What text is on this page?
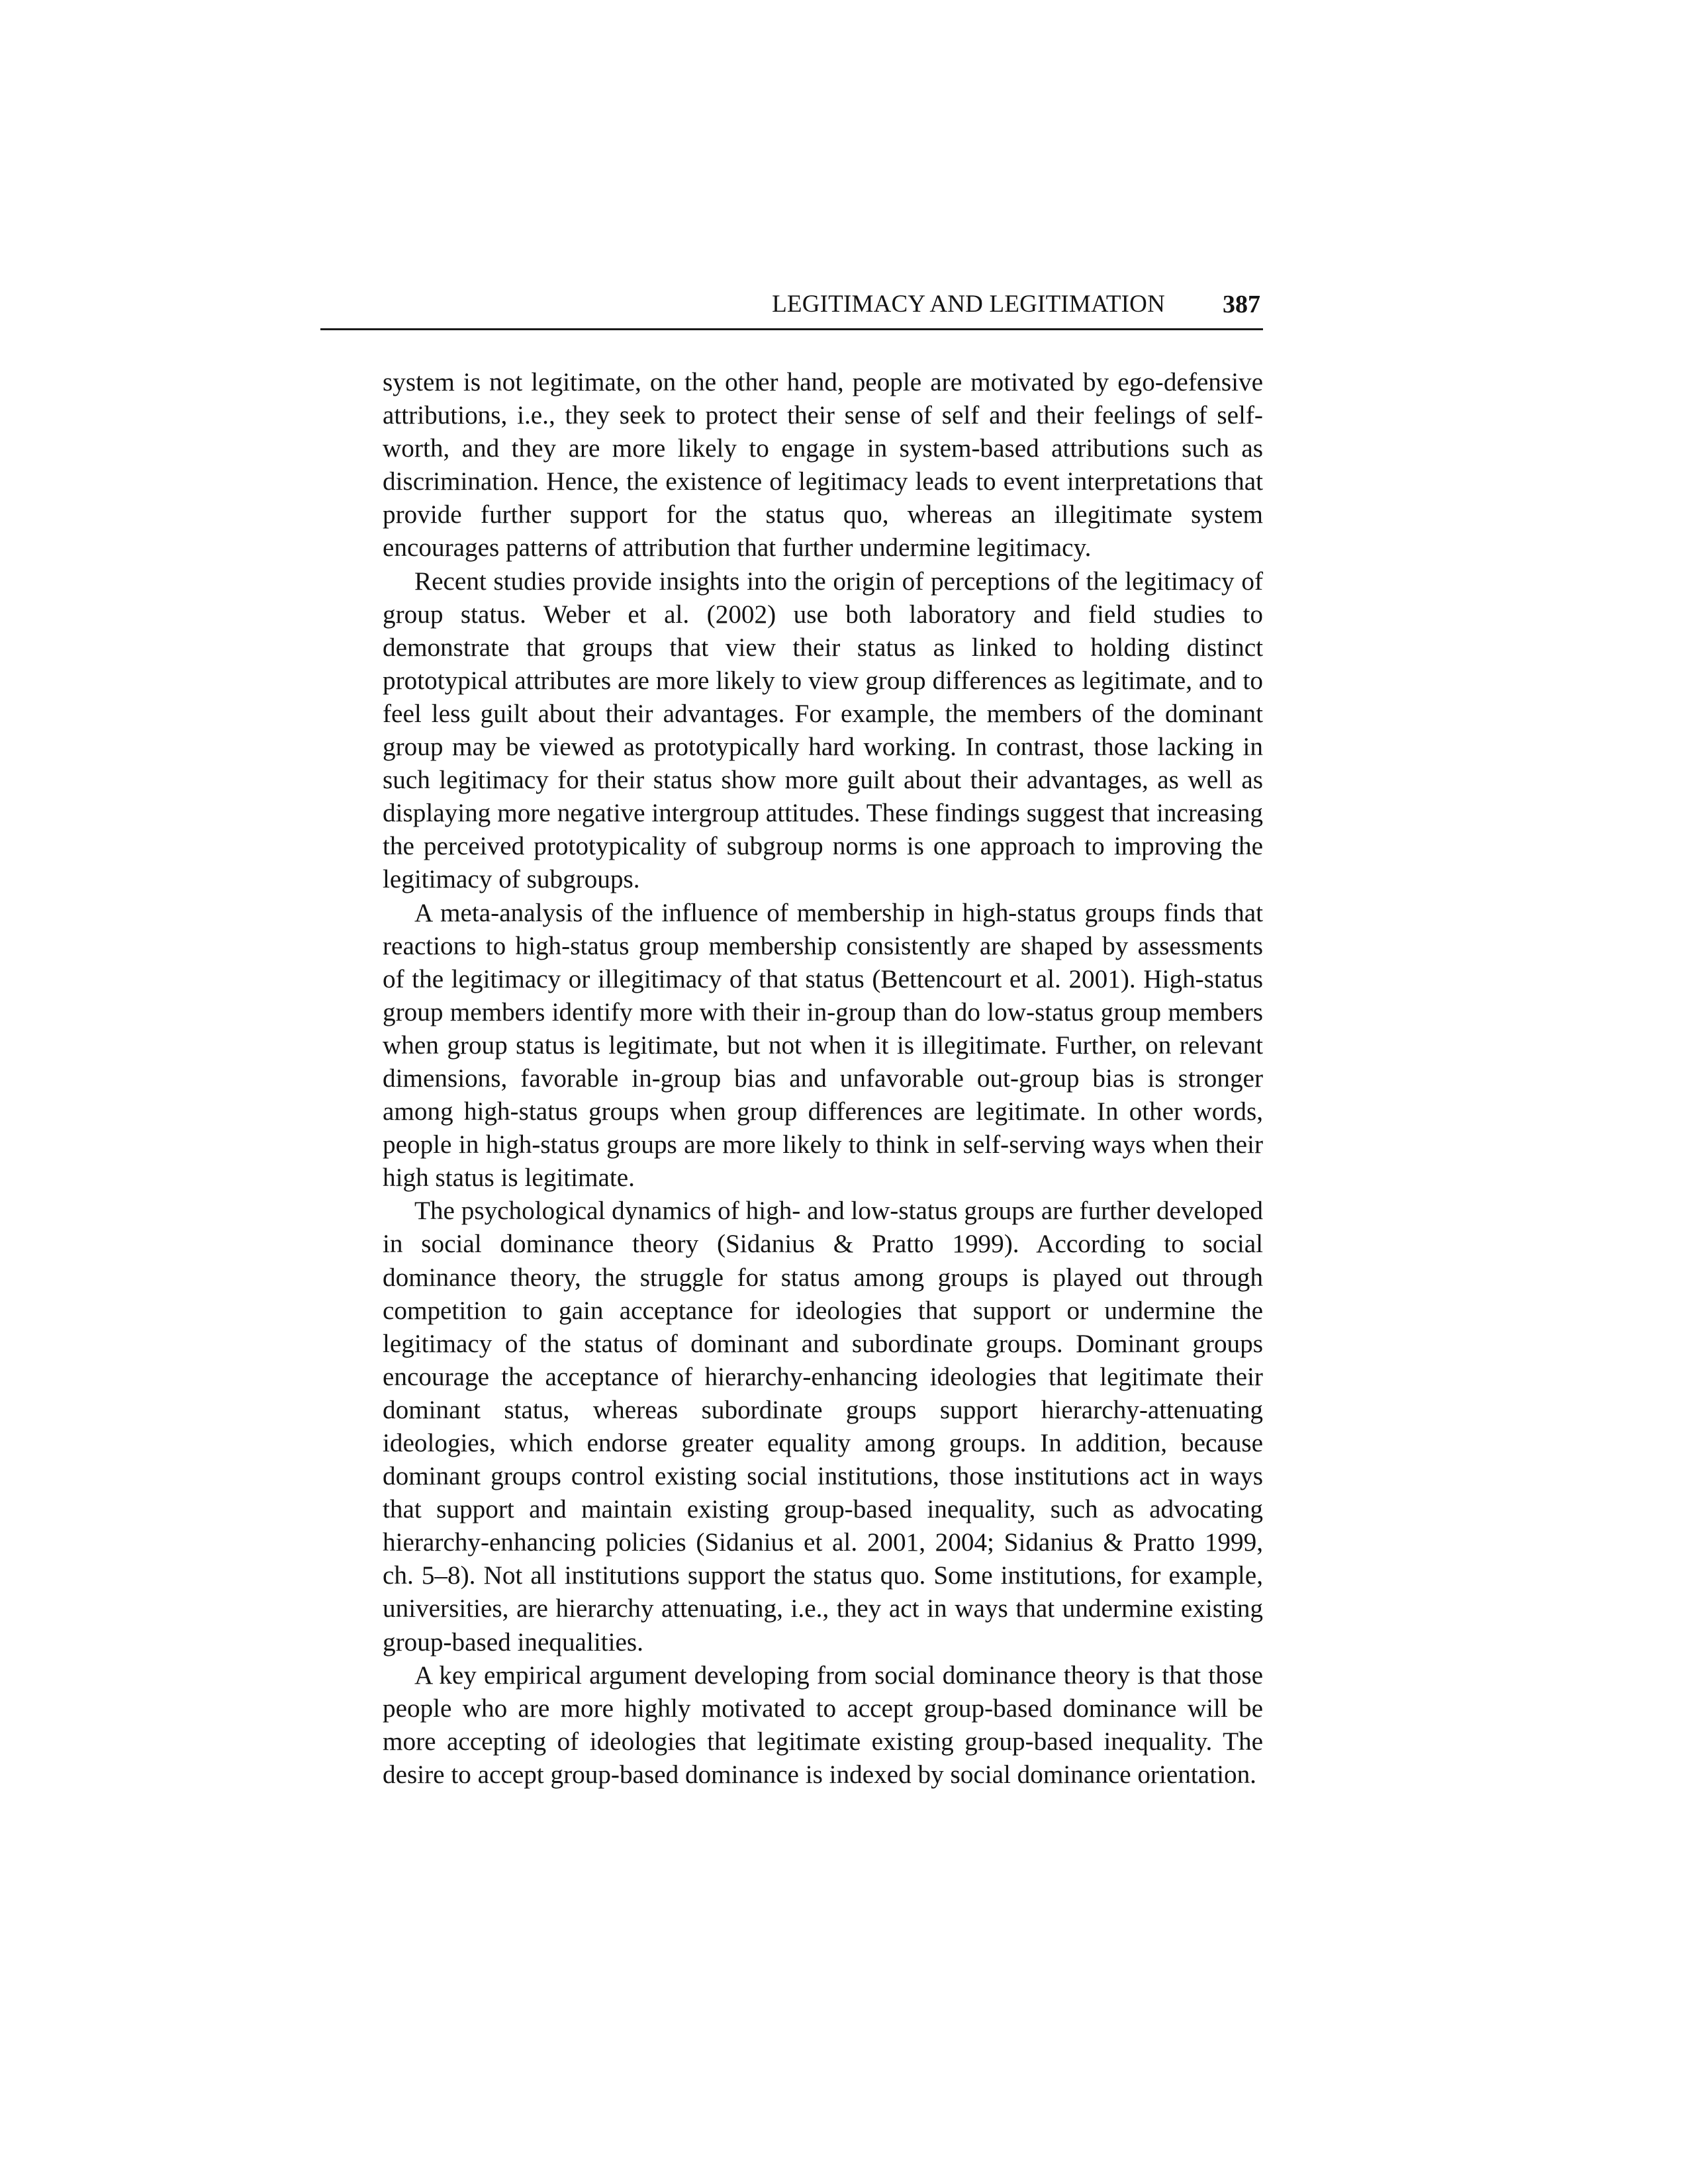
LEGITIMACY AND LEGITIMATION 387

system is not legitimate, on the other hand, people are motivated by ego-defensive attributions, i.e., they seek to protect their sense of self and their feelings of self-worth, and they are more likely to engage in system-based attributions such as discrimination. Hence, the existence of legitimacy leads to event interpretations that provide further support for the status quo, whereas an illegitimate system encourages patterns of attribution that further undermine legitimacy.

Recent studies provide insights into the origin of perceptions of the legitimacy of group status. Weber et al. (2002) use both laboratory and field studies to demonstrate that groups that view their status as linked to holding distinct prototypical attributes are more likely to view group differences as legitimate, and to feel less guilt about their advantages. For example, the members of the dominant group may be viewed as prototypically hard working. In contrast, those lacking in such legitimacy for their status show more guilt about their advantages, as well as displaying more negative intergroup attitudes. These findings suggest that increasing the perceived prototypicality of subgroup norms is one approach to improving the legitimacy of subgroups.

A meta-analysis of the influence of membership in high-status groups finds that reactions to high-status group membership consistently are shaped by assessments of the legitimacy or illegitimacy of that status (Bettencourt et al. 2001). High-status group members identify more with their in-group than do low-status group members when group status is legitimate, but not when it is illegitimate. Further, on relevant dimensions, favorable in-group bias and unfavorable out-group bias is stronger among high-status groups when group differences are legitimate. In other words, people in high-status groups are more likely to think in self-serving ways when their high status is legitimate.

The psychological dynamics of high- and low-status groups are further developed in social dominance theory (Sidanius & Pratto 1999). According to social dominance theory, the struggle for status among groups is played out through competition to gain acceptance for ideologies that support or undermine the legitimacy of the status of dominant and subordinate groups. Dominant groups encourage the acceptance of hierarchy-enhancing ideologies that legitimate their dominant status, whereas subordinate groups support hierarchy-attenuating ideologies, which endorse greater equality among groups. In addition, because dominant groups control existing social institutions, those institutions act in ways that support and maintain existing group-based inequality, such as advocating hierarchy-enhancing policies (Sidanius et al. 2001, 2004; Sidanius & Pratto 1999, ch. 5–8). Not all institutions support the status quo. Some institutions, for example, universities, are hierarchy attenuating, i.e., they act in ways that undermine existing group-based inequalities.

A key empirical argument developing from social dominance theory is that those people who are more highly motivated to accept group-based dominance will be more accepting of ideologies that legitimate existing group-based inequality. The desire to accept group-based dominance is indexed by social dominance orientation.
